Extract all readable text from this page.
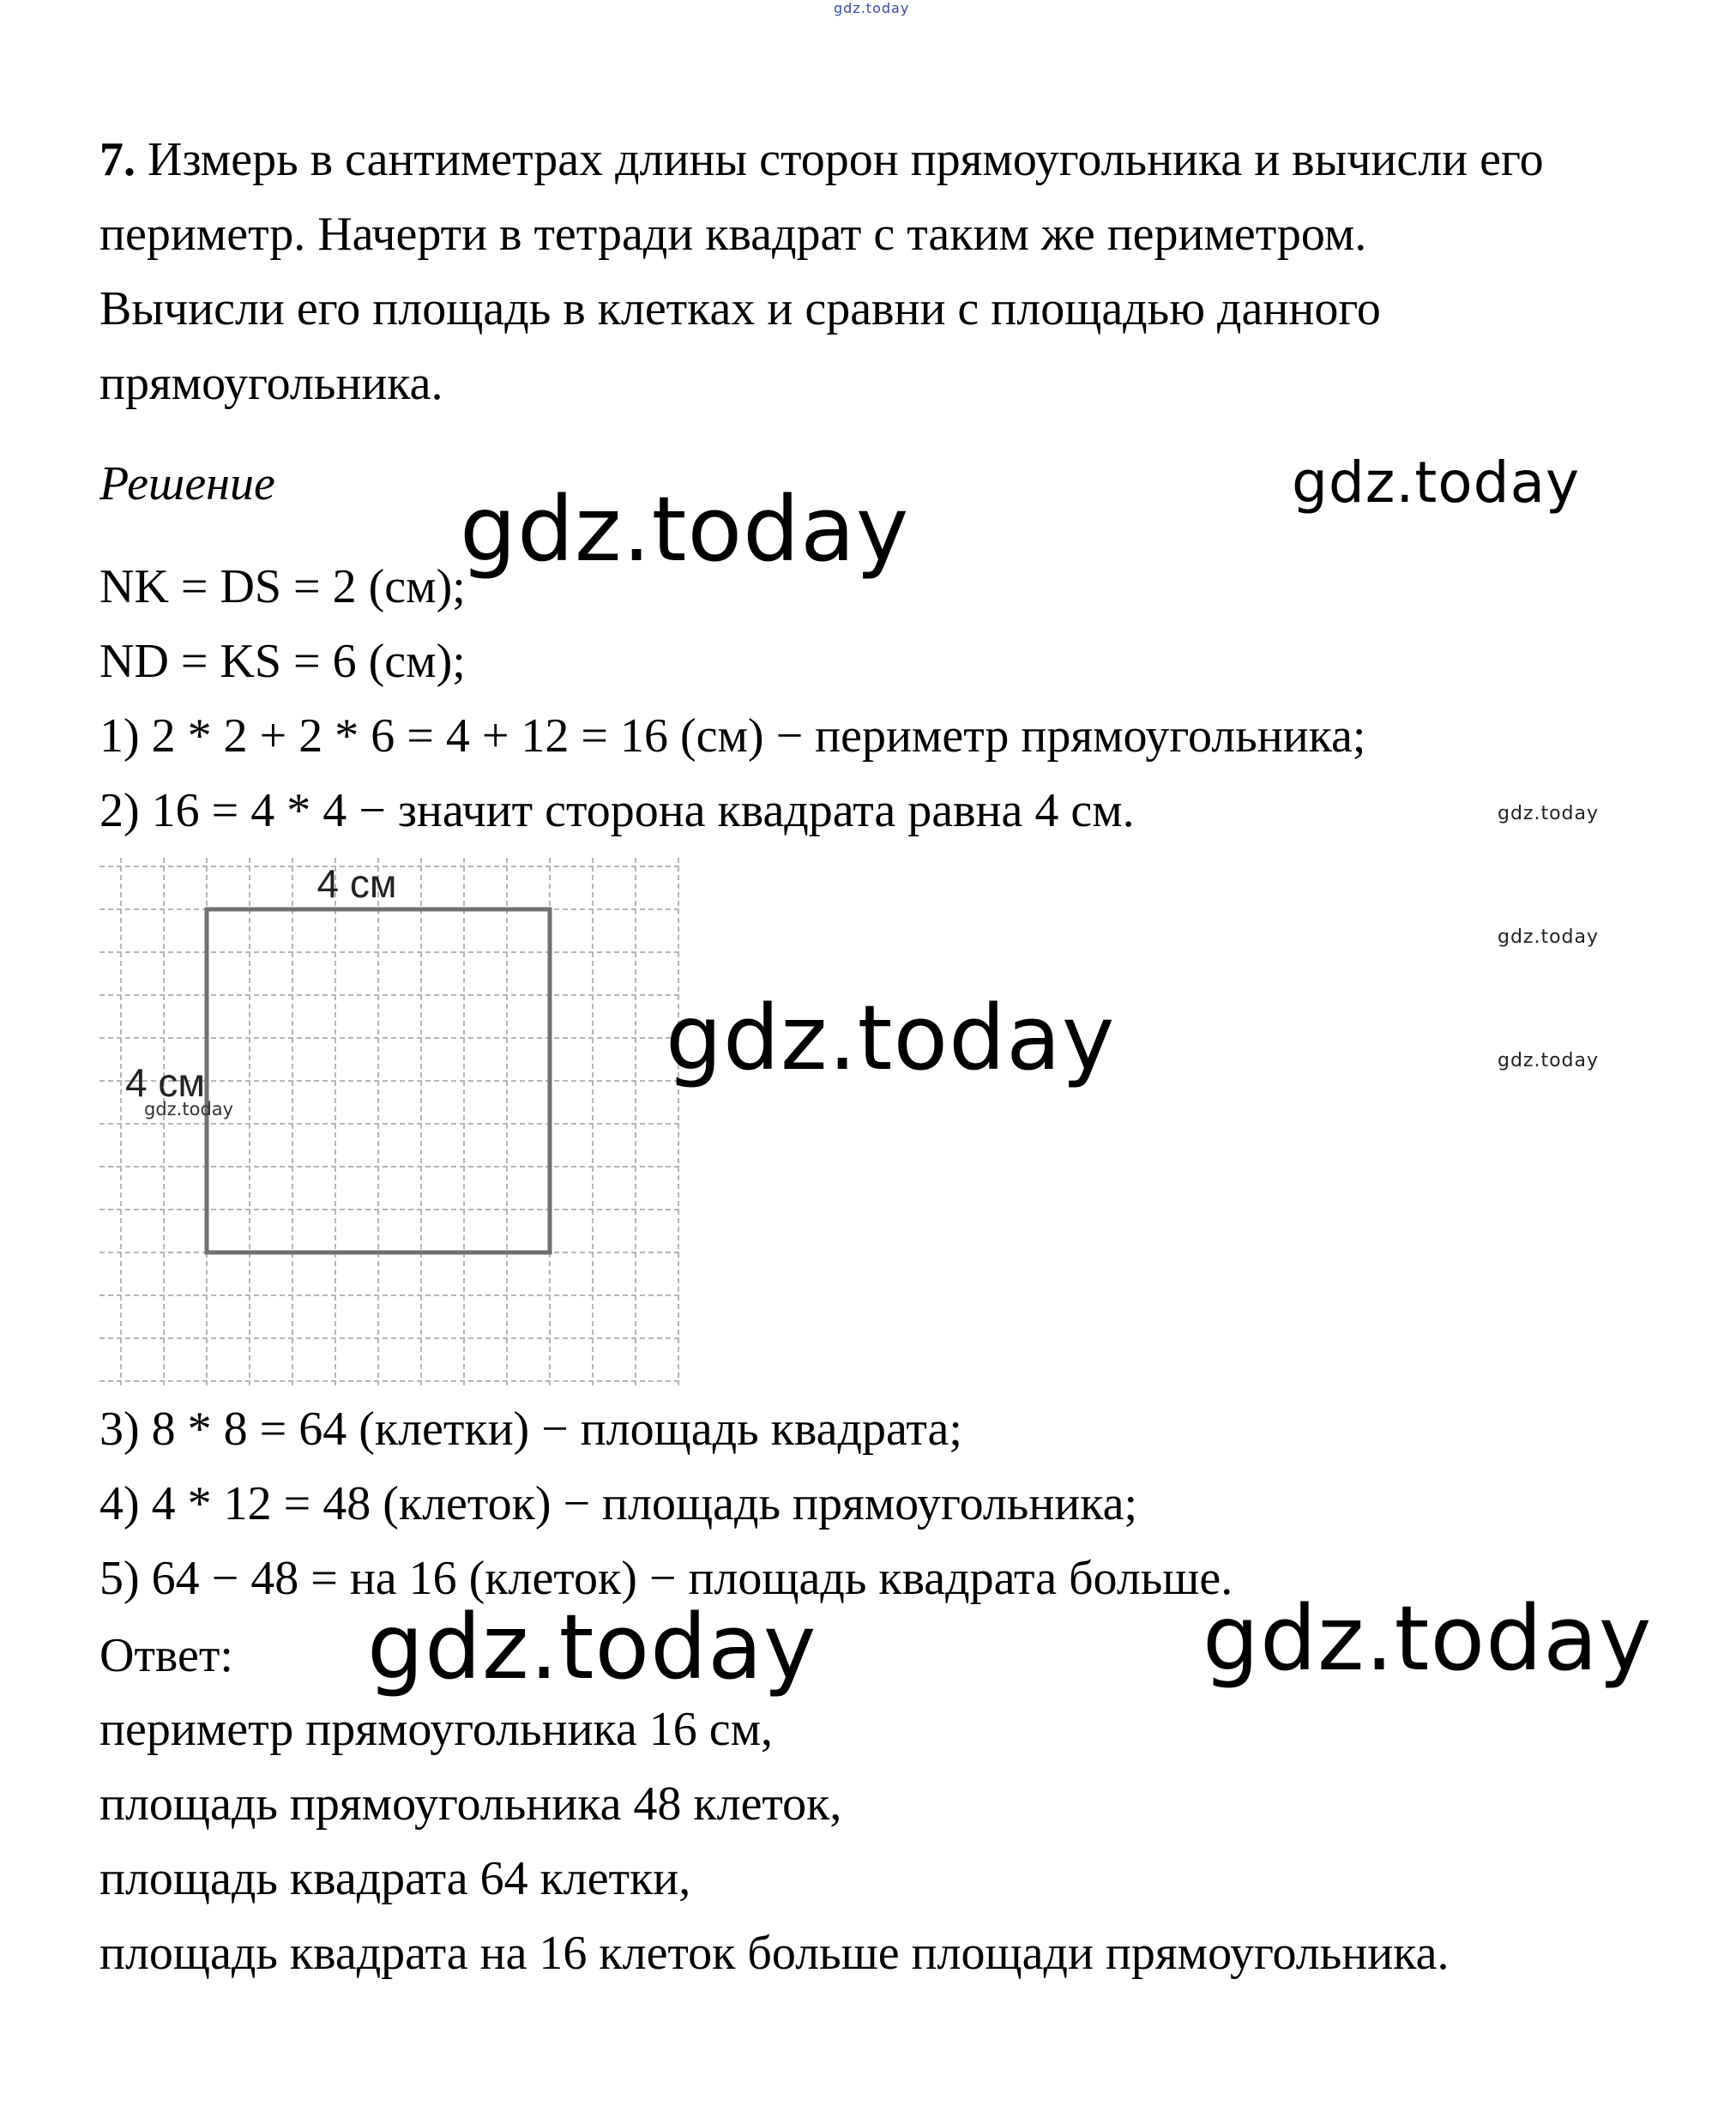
gdz.today
7. Измерь в сантиметрах длины сторон прямоугольника и вычисли его
периметр. Начерти в тетради квадрат с таким же периметром.
Вычисли его площадь в клетках и сравни с площадью данного
прямоугольника.
Решение gdz.today	gdz.today
NK = DS = 2 (см);
ND = KS = 6 (см);
1) 2 * 2 + 2 * 6 = 4 + 12 = 16 (см) − периметр прямоугольника;
2) 16 = 4 * 4 − значит сторона квадрата равна 4 см.	gdz.today
gdz.today
gdz.today
4 см
4 см
gdz.today
gdz.today
3) 8 * 8 = 64 (клетки) − площадь квадрата;
4) 4 * 12 = 48 (клеток) − площадь прямоугольника;
5) 64 − 48 = на 16 (клеток) − площадь квадрата больше.
Ответ: gdz.today	gdz.today
периметр прямоугольника 16 см,
площадь прямоугольника 48 клеток,
площадь квадрата 64 клетки,
площадь квадрата на 16 клеток больше площади прямоугольника.
